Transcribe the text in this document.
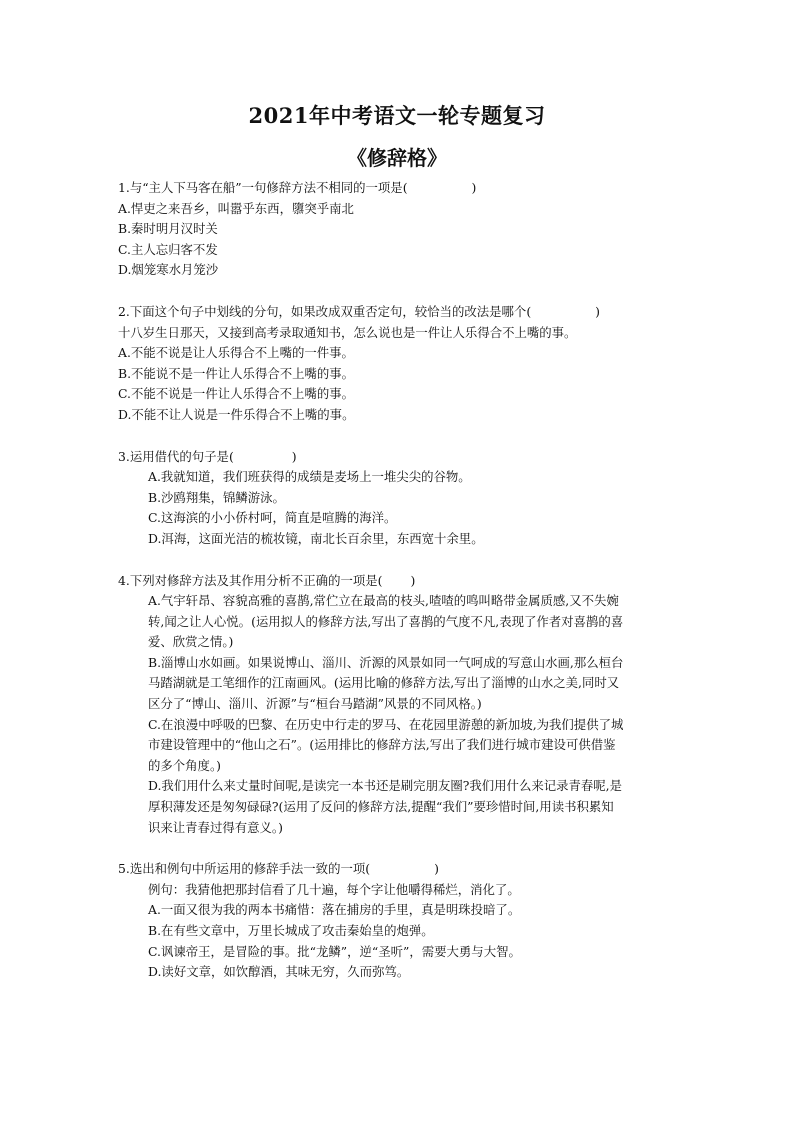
2021年中考语文一轮专题复习
《修辞格》
1.与“主人下马客在船”一句修辞方法不相同的一项是(	)
A.悍吏之来吾乡，叫嚣乎东西，隳突乎南北
B.秦时明月汉时关
C.主人忘归客不发
D.烟笼寒水月笼沙
2.下面这个句子中划线的分句，如果改成双重否定句，较恰当的改法是哪个(	)
十八岁生日那天，又接到高考录取通知书，怎么说也是一件让人乐得合不上嘴的事。
A.不能不说是让人乐得合不上嘴的一件事。
B.不能说不是一件让人乐得合不上嘴的事。
C.不能不说是一件让人乐得合不上嘴的事。
D.不能不让人说是一件乐得合不上嘴的事。
3.运用借代的句子是(	)
A.我就知道，我们班获得的成绩是麦场上一堆尖尖的谷物。
B.沙鸥翔集，锦鳞游泳。
C.这海滨的小小侨村呵，简直是喧腾的海洋。
D.洱海，这面光洁的梳妆镜，南北长百余里，东西宽十余里。
4.下列对修辞方法及其作用分析不正确的一项是( )
A.气宇轩昂、容貌高雅的喜鹊,常伫立在最高的枝头,喳喳的鸣叫略带金属质感,又不失婉
转,闻之让人心悦。(运用拟人的修辞方法,写出了喜鹊的气度不凡,表现了作者对喜鹊的喜
爱、欣赏之情。)
B.淄博山水如画。如果说博山、淄川、沂源的风景如同一气呵成的写意山水画,那么桓台
马踏湖就是工笔细作的江南画风。(运用比喻的修辞方法,写出了淄博的山水之美,同时又
区分了“博山、淄川、沂源”与“桓台马踏湖”风景的不同风格。)
C.在浪漫中呼吸的巴黎、在历史中行走的罗马、在花园里游憩的新加坡,为我们提供了城
市建设管理中的“他山之石”。(运用排比的修辞方法,写出了我们进行城市建设可供借鉴
的多个角度。)
D.我们用什么来丈量时间呢,是读完一本书还是刷完朋友圈?我们用什么来记录青春呢,是
厚积薄发还是匆匆碌碌?(运用了反问的修辞方法,提醒“我们”要珍惜时间,用读书积累知
识来让青春过得有意义。)
5.选出和例句中所运用的修辞手法一致的一项(	)
例句：我猜他把那封信看了几十遍，每个字让他嚼得稀烂，消化了。
A.一面又很为我的两本书痛惜：落在捕房的手里，真是明珠投暗了。
B.在有些文章中，万里长城成了攻击秦始皇的炮弹。
C.讽谏帝王，是冒险的事。批“龙鳞”，逆“圣听”，需要大勇与大智。
D.读好文章，如饮醇酒，其味无穷，久而弥笃。
